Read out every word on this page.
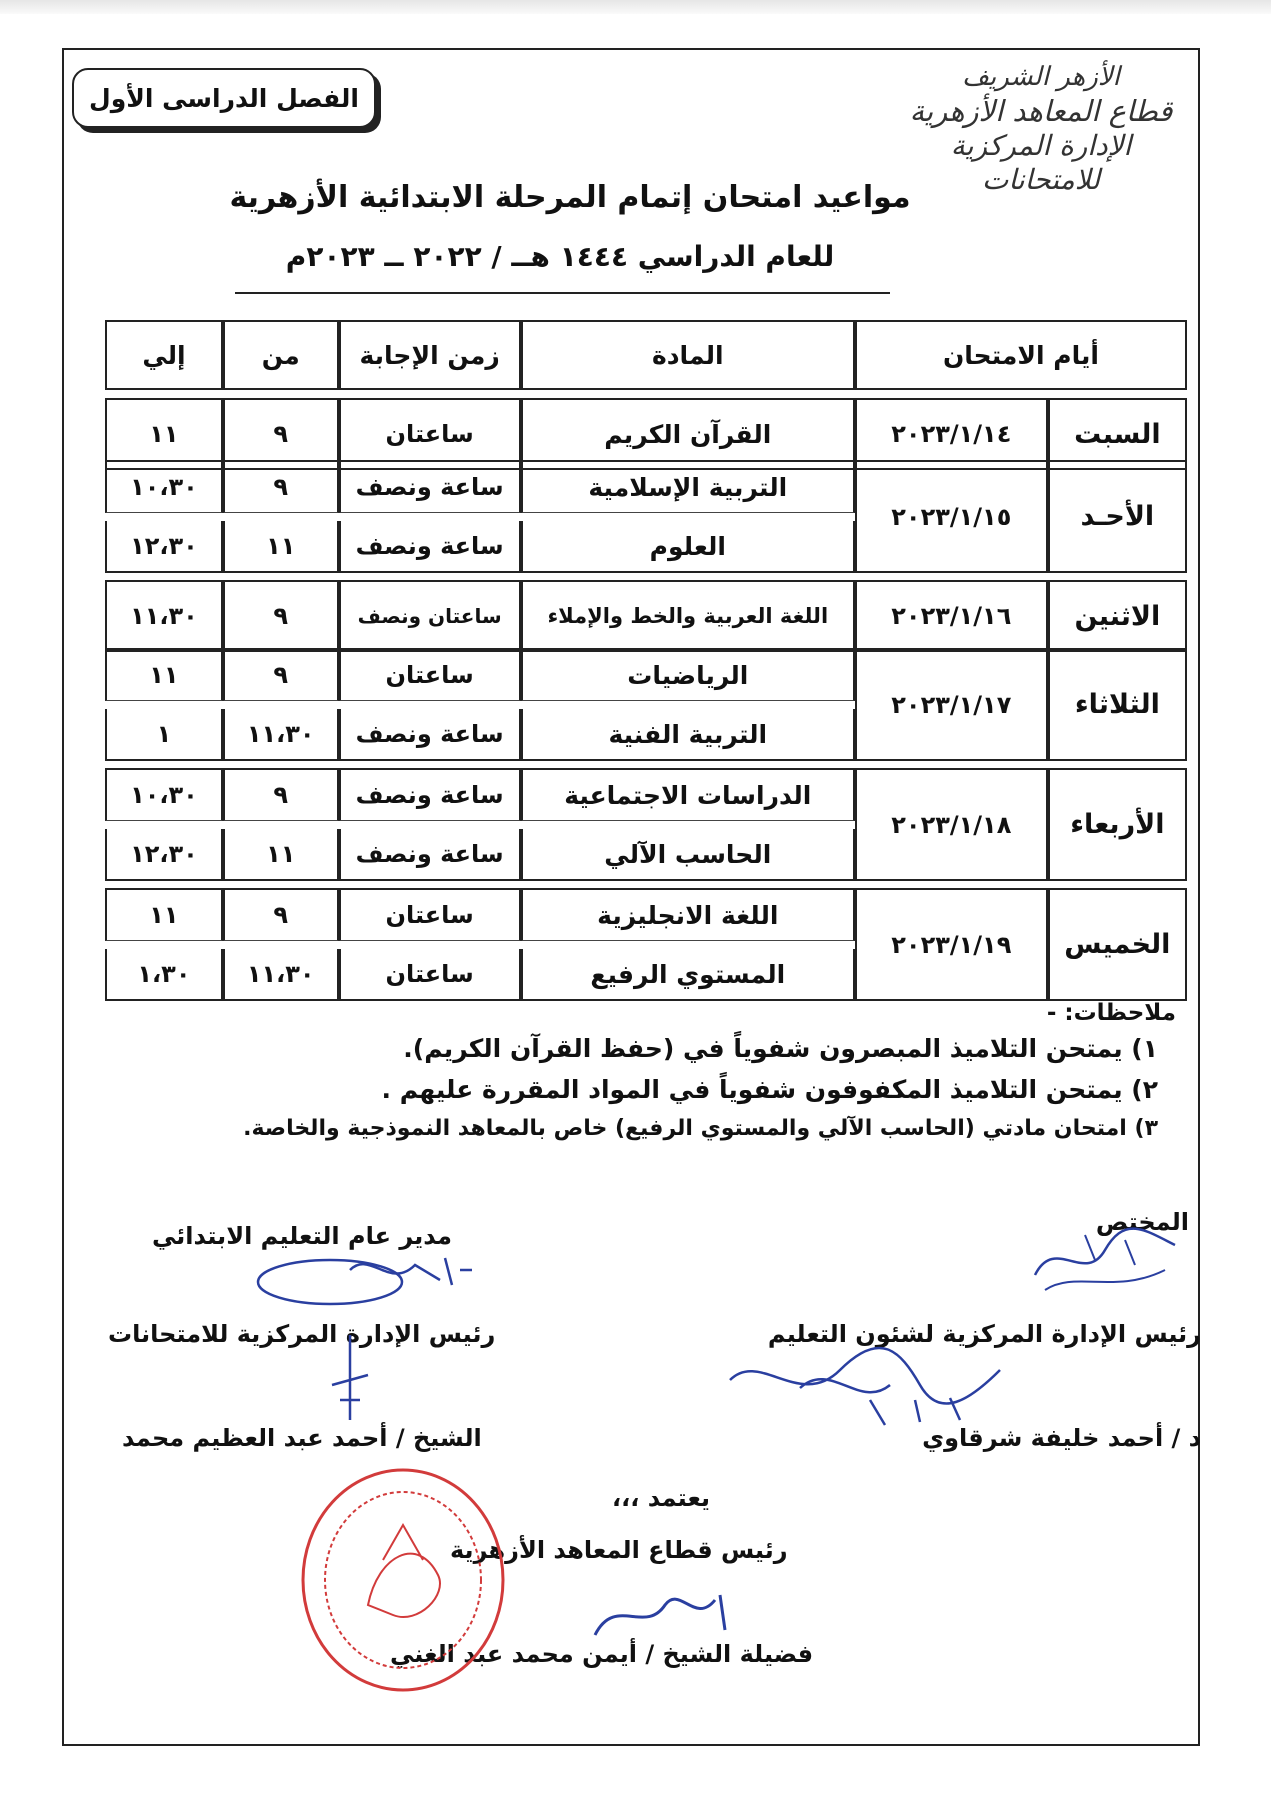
الفصل الدراسى الأول
الأزهر الشريف
قطاع المعاهد الأزهرية
الإدارة المركزية للامتحانات
مواعيد امتحان إتمام المرحلة الابتدائية الأزهرية
للعام الدراسي ١٤٤٤ هــ / ٢٠٢٢ ــ ٢٠٢٣م
أيام الامتحان		المادة	زمن الإجابة	من	إلي
السبت	٢٠٢٣/١/١٤	القرآن الكريم	ساعتان	٩	١١
الأحـد	٢٠٢٣/١/١٥	التربية الإسلامية	ساعة ونصف	٩	١٠،٣٠
		العلوم	ساعة ونصف	١١	١٢،٣٠
الاثنين	٢٠٢٣/١/١٦	اللغة العربية والخط والإملاء	ساعتان ونصف	٩	١١،٣٠
الثلاثاء	٢٠٢٣/١/١٧	الرياضيات	ساعتان	٩	١١
		التربية الفنية	ساعة ونصف	١١،٣٠	١
الأربعاء	٢٠٢٣/١/١٨	الدراسات الاجتماعية	ساعة ونصف	٩	١٠،٣٠
		الحاسب الآلي	ساعة ونصف	١١	١٢،٣٠
الخميس	٢٠٢٣/١/١٩	اللغة الانجليزية	ساعتان	٩	١١
		المستوي الرفيع	ساعتان	١١،٣٠	١،٣٠
ملاحظات: -
١) يمتحن التلاميذ المبصرون شفوياً في (حفظ القرآن الكريم).
٢) يمتحن التلاميذ المكفوفون شفوياً في المواد المقررة عليهم .
٣) امتحان مادتي (الحاسب الآلي والمستوي الرفيع) خاص بالمعاهد النموذجية والخاصة.
المختص
مدير عام التعليم الابتدائي
رئيس الإدارة المركزية لشئون التعليم
رئيس الإدارة المركزية للامتحانات
د / أحمد خليفة شرقاوي
الشيخ / أحمد عبد العظيم محمد
يعتمد ،،،
رئيس قطاع المعاهد الأزهرية
فضيلة الشيخ / أيمن محمد عبد الغني
